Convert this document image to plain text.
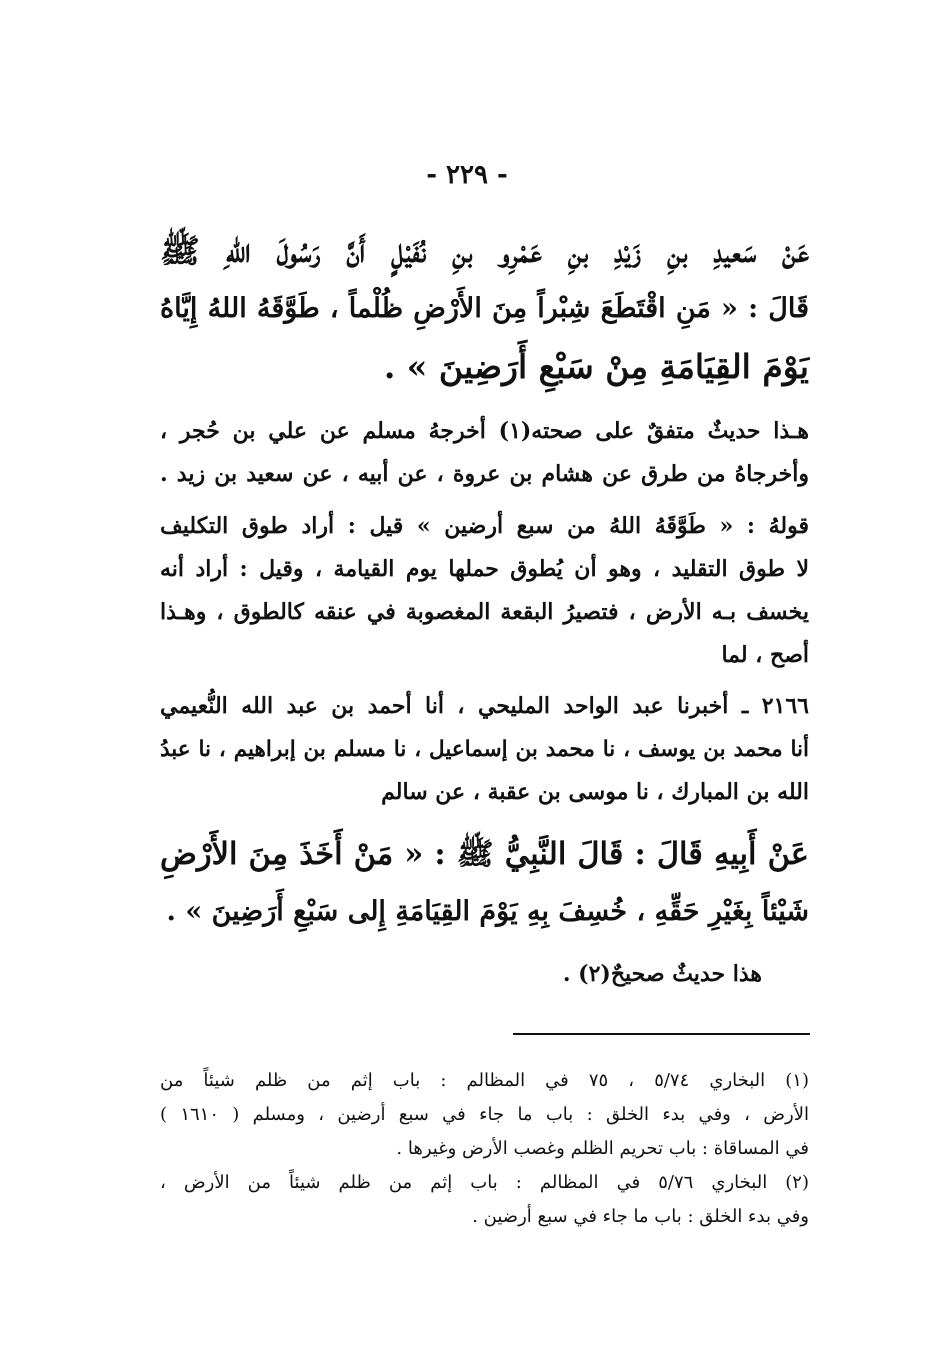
- ٢٢٩ -
عَنْ سَعيدِ بنِ زَيْدِ بنِ عَمْرِو بنِ نُفَيْلٍ أَنَّ رَسُولَ اللهِ ﷺ
قَالَ : « مَنِ اقْتَطَعَ شِبْراً مِنَ الأَرْضِ ظُلْماً ، طَوَّقَهُ اللهُ إِيَّاهُ
يَوْمَ القِيَامَةِ مِنْ سَبْعِ أَرَضِينَ » .
هـذا حديثٌ متفقٌ على صحته(١) أخرجهُ مسلم عن علي بن حُجر ،
وأخرجاهُ من طرق عن هشام بن عروة ، عن أبيه ، عن سعيد بن زيد .
قولهُ : « طَوَّقَهُ اللهُ من سبع أرضين » قيل : أراد طوق التكليف
لا طوق التقليد ، وهو أن يُطوق حملها يوم القيامة ، وقيل : أراد أنه
يخسف بـه الأرض ، فتصيرُ البقعة المغصوبة في عنقه كالطوق ، وهـذا
أصح ، لما
٢١٦٦ ـ أخبرنا عبد الواحد المليحي ، أنا أحمد بن عبد الله النُّعيمي
أنا محمد بن يوسف ، نا محمد بن إسماعيل ، نا مسلم بن إبراهيم ، نا عبدُ
الله بن المبارك ، نا موسى بن عقبة ، عن سالم
عَنْ أَبِيهِ قَالَ : قَالَ النَّبِيُّ ﷺ : « مَنْ أَخَذَ مِنَ الأَرْضِ
شَيْئاً بِغَيْرِ حَقِّهِ ، خُسِفَ بِهِ يَوْمَ القِيَامَةِ إِلى سَبْعِ أَرَضِينَ » .
هذا حديثٌ صحيحٌ(٢) .
(١) البخاري ٥/٧٤ ، ٧٥ في المظالم : باب إثم من ظلم شيئاً من
الأرض ، وفي بدء الخلق : باب ما جاء في سبع أرضين ، ومسلم ( ١٦١٠ )
في المساقاة : باب تحريم الظلم وغصب الأرض وغيرها .
(٢) البخاري ٥/٧٦ في المظالم : باب إثم من ظلم شيئاً من الأرض ،
وفي بدء الخلق : باب ما جاء في سبع أرضين .
